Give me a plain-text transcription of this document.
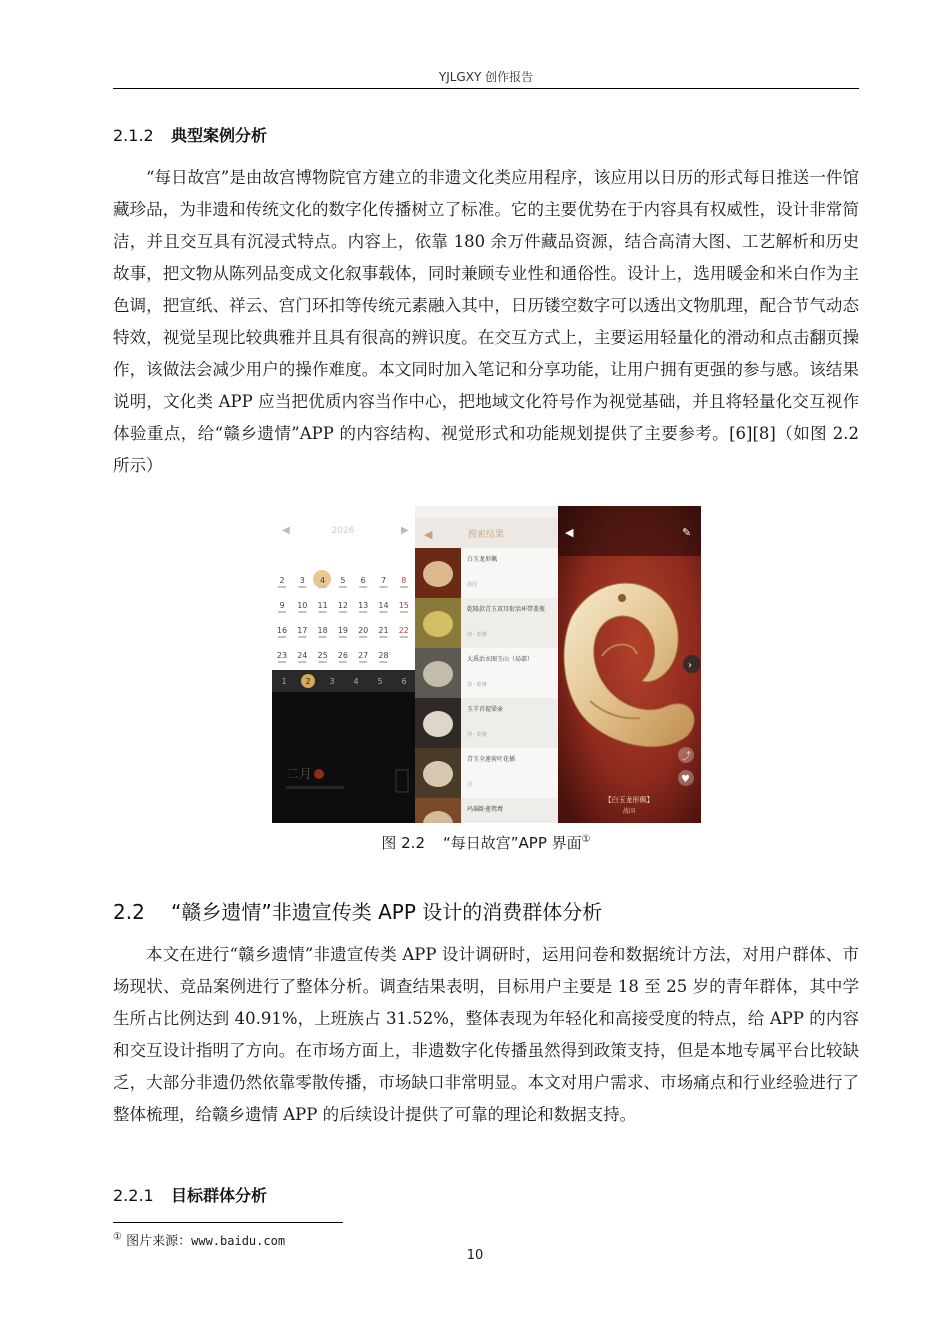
YJLGXY 创作报告
2.1.2 典型案例分析

“每日故宫”是由故宫博物院官方建立的非遗文化类应用程序，该应用以日历的形式每日推送一件馆藏珍品，为非遗和传统文化的数字化传播树立了标准。它的主要优势在于内容具有权威性，设计非常简洁，并且交互具有沉浸式特点。内容上，依靠 180 余万件藏品资源，结合高清大图、工艺解析和历史故事，把文物从陈列品变成文化叙事载体，同时兼顾专业性和通俗性。设计上，选用暖金和米白作为主色调，把宣纸、祥云、宫门环扣等传统元素融入其中，日历镂空数字可以透出文物肌理，配合节气动态特效，视觉呈现比较典雅并且具有很高的辨识度。在交互方式上，主要运用轻量化的滑动和点击翻页操作，该做法会减少用户的操作难度。本文同时加入笔记和分享功能，让用户拥有更强的参与感。该结果说明，文化类 APP 应当把优质内容当作中心，把地域文化符号作为视觉基础，并且将轻量化交互视作体验重点，给“赣乡遗情”APP 的内容结构、视觉形式和功能规划提供了主要参考。[6][8]（如图 2.2 所示）

◀	2026	▶
2 3 4 5 6 7 8
9 10 11 12 13 14 15
16 17 18 19 20 21 22
23 24 25 26 27 28
1 2 3 4 5 6
二月
◀	搜索结果
白玉龙形佩
战国
乾隆款青玉双耳衔活环带盖瓶
清 · 乾隆
大禹治水图玉山（局部）
清 · 乾隆
玉羊首提梁壶
清 · 乾隆
青玉全莲荷叶花插
清
玛瑙卧莲鸳鸯
◀	✎
›
⤴
♥
【白玉龙形佩】
战国
图 2.2 “每日故宫”APP 界面①
2.2 “赣乡遗情”非遗宣传类 APP 设计的消费群体分析

本文在进行“赣乡遗情”非遗宣传类 APP 设计调研时，运用问卷和数据统计方法，对用户群体、市场现状、竞品案例进行了整体分析。调查结果表明，目标用户主要是 18 至 25 岁的青年群体，其中学生所占比例达到 40.91%，上班族占 31.52%，整体表现为年轻化和高接受度的特点，给 APP 的内容和交互设计指明了方向。在市场方面上，非遗数字化传播虽然得到政策支持，但是本地专属平台比较缺乏，大部分非遗仍然依靠零散传播，市场缺口非常明显。本文对用户需求、市场痛点和行业经验进行了整体梳理，给赣乡遗情 APP 的后续设计提供了可靠的理论和数据支持。

2.2.1 目标群体分析
① 图片来源：www.baidu.com
10
